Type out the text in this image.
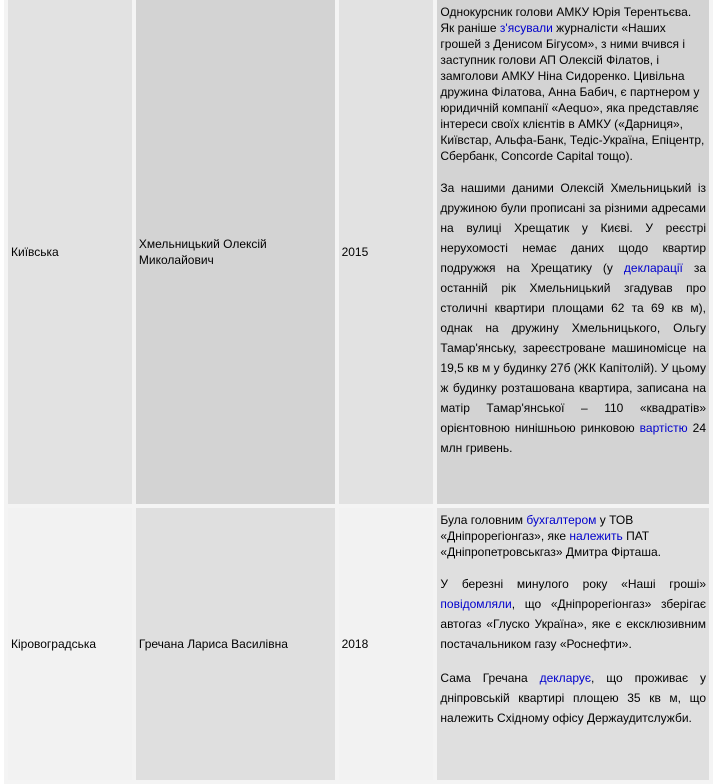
Київська	Хмельницький Олексій Миколайович	2015	Однокурсник голови АМКУ Юрія Терентьєва. Як раніше з'ясували журналісти «Наших грошей з Денисом Бігусом», з ними вчився і заступник голови АП Олексій Філатов, і замголови АМКУ Ніна Сидоренко. Цивільна дружина Філатова, Анна Бабич, є партнером у юридичній компанії «Aequo», яка представляє інтереси своїх клієнтів в АМКУ («Дарниця», Київстар, Альфа-Банк, Тедіс-Україна, Епіцентр, Сбербанк, Concorde Capital тощо).

За нашими даними Олексій Хмельницький із дружиною були прописані за різними адресами на вулиці Хрещатик у Києві. У реєстрі нерухомості немає даних щодо квартир подружжя на Хрещатику (у декларації за останній рік Хмельницький згадував про столичні квартири площами 62 та 69 кв м), однак на дружину Хмельницького, Ольгу Тамар'янську, зареєстроване машиномісце на 19,5 кв м у будинку 27б (ЖК Капітолій). У цьому ж будинку розташована квартира, записана на матір Тамар'янської – 110 «квадратів» орієнтовною нинішньою ринковою вартістю 24 млн гривень.

Кіровоградська	Гречана Лариса Василівна	2018	Була головним бухгалтером у ТОВ «Дніпрорегіонгаз», яке належить ПАТ «Дніпропетровськгаз» Дмитра Фірташа.

У березні минулого року «Наші гроші» повідомляли, що «Дніпрорегіонгаз» зберігає автогаз «Глуско Україна», яке є ексклюзивним постачальником газу «Роснефти».

Сама Гречана декларує, що проживає у дніпровській квартирі площею 35 кв м, що належить Східному офісу Держаудитслужби.
